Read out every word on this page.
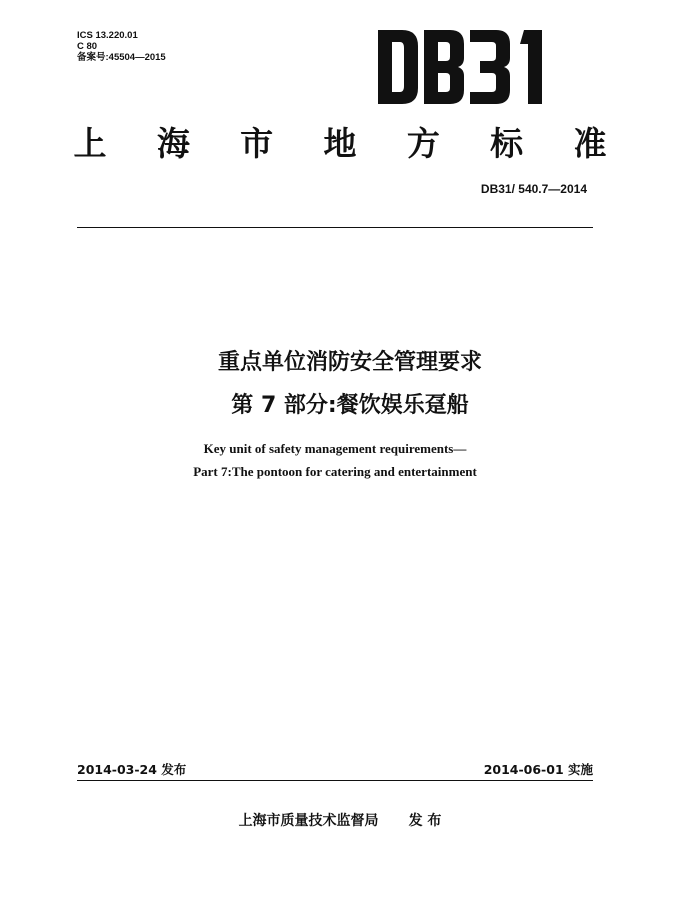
ICS 13.220.01
C 80
备案号:45504—2015
DB31
上	海	市	地	方	标	准
DB31/ 540.7—2014
重点单位消防安全管理要求
第 7 部分:餐饮娱乐趸船
Key unit of safety management requirements—
Part 7:The pontoon for catering and entertainment
2014-03-24 发布	2014-06-01 实施
上海市质量技术监督局 发 布
